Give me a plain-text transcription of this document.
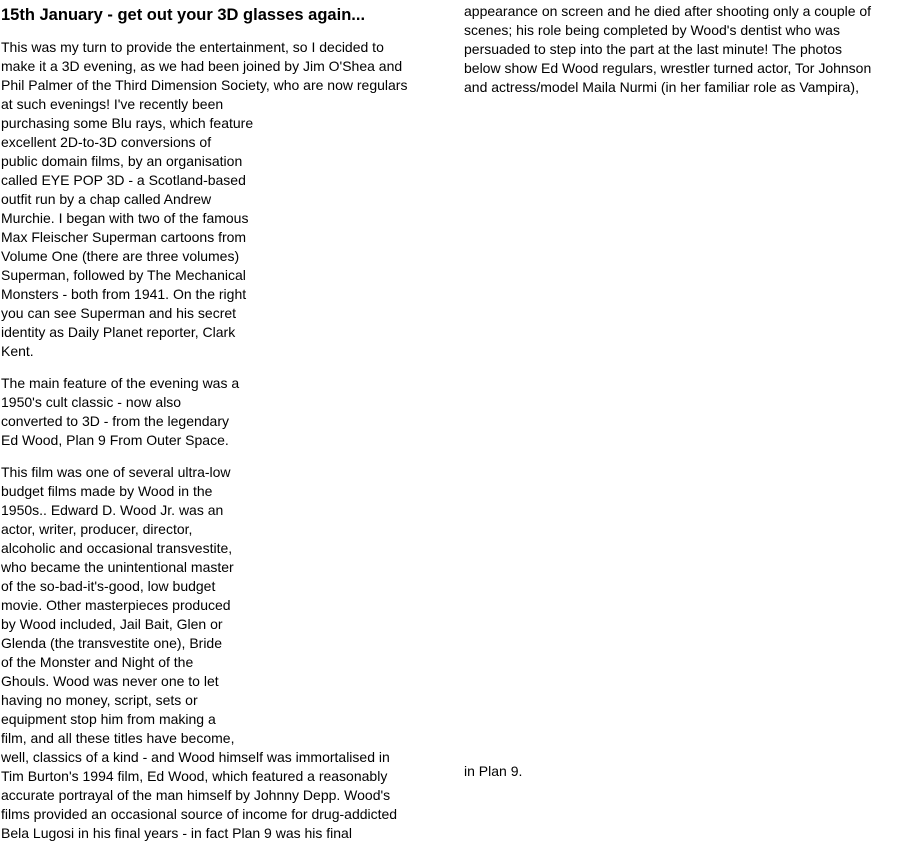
15th January - get out your 3D glasses again...
This was my turn to provide the entertainment, so I decided to
make it a 3D evening, as we had been joined by Jim O'Shea and
Phil Palmer of the Third Dimension Society, who are now regulars
at such evenings! I've recently been
purchasing some Blu rays, which feature
excellent 2D-to-3D conversions of
public domain films, by an organisation
called EYE POP 3D - a Scotland-based
outfit run by a chap called Andrew
Murchie. I began with two of the famous
Max Fleischer Superman cartoons from
Volume One (there are three volumes)
Superman, followed by The Mechanical
Monsters - both from 1941. On the right
you can see Superman and his secret
identity as Daily Planet reporter, Clark
Kent.
The main feature of the evening was a
1950's cult classic - now also
converted to 3D - from the legendary
Ed Wood, Plan 9 From Outer Space.
This film was one of several ultra-low
budget films made by Wood in the
1950s.. Edward D. Wood Jr. was an
actor, writer, producer, director,
alcoholic and occasional transvestite,
who became the unintentional master
of the so-bad-it's-good, low budget
movie. Other masterpieces produced
by Wood included, Jail Bait, Glen or
Glenda (the transvestite one), Bride
of the Monster and Night of the
Ghouls. Wood was never one to let
having no money, script, sets or
equipment stop him from making a
film, and all these titles have become,
well, classics of a kind - and Wood himself was immortalised in
Tim Burton's 1994 film, Ed Wood, which featured a reasonably
accurate portrayal of the man himself by Johnny Depp. Wood's
films provided an occasional source of income for drug-addicted
Bela Lugosi in his final years - in fact Plan 9 was his final
appearance on screen and he died after shooting only a couple of
scenes; his role being completed by Wood's dentist who was
persuaded to step into the part at the last minute! The photos
below show Ed Wood regulars, wrestler turned actor, Tor Johnson
and actress/model Maila Nurmi (in her familiar role as Vampira),
in Plan 9.
